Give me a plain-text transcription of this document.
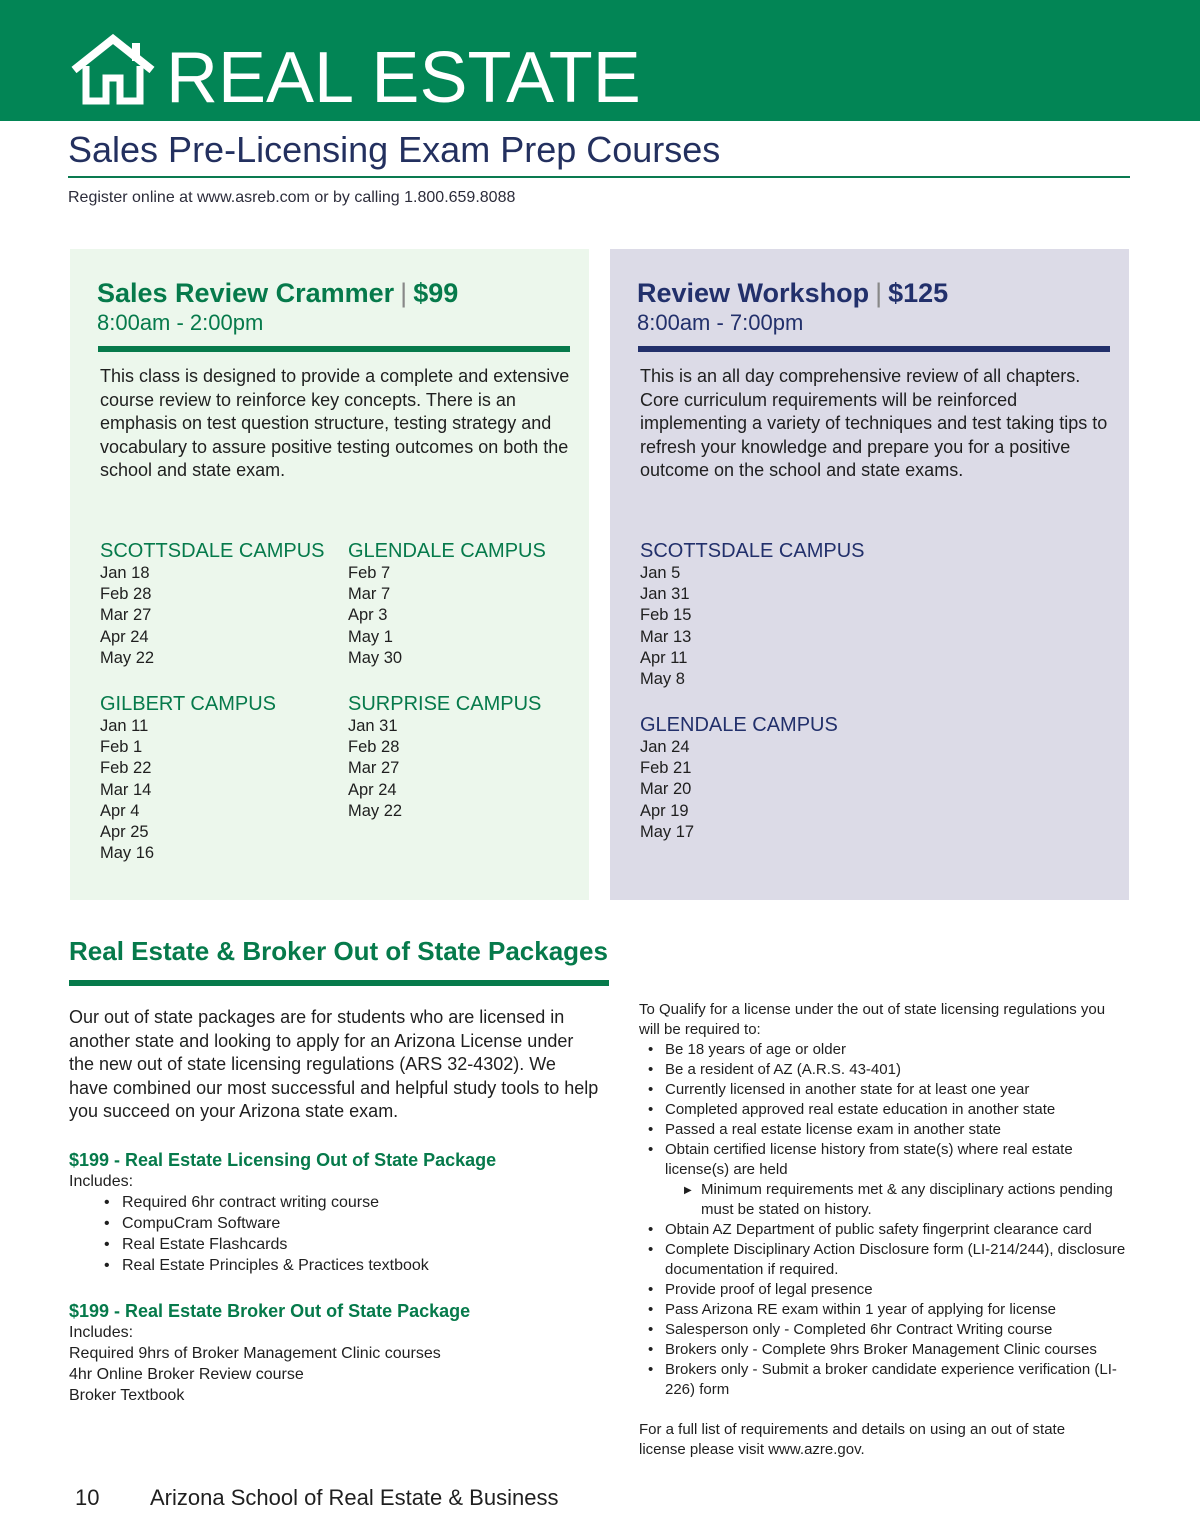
REAL ESTATE
Sales Pre-Licensing Exam Prep Courses
Register online at www.asreb.com or by calling 1.800.659.8088
Sales Review Crammer | $99
8:00am - 2:00pm
This class is designed to provide a complete and extensive course review to reinforce key concepts. There is an emphasis on test question structure, testing strategy and vocabulary to assure positive testing outcomes on both the school and state exam.
SCOTTSDALE CAMPUS
Jan 18
Feb 28
Mar 27
Apr 24
May 22
GLENDALE CAMPUS
Feb 7
Mar 7
Apr 3
May 1
May 30
GILBERT CAMPUS
Jan 11
Feb 1
Feb 22
Mar 14
Apr 4
Apr 25
May 16
SURPRISE CAMPUS
Jan 31
Feb 28
Mar 27
Apr 24
May 22
Review Workshop | $125
8:00am - 7:00pm
This is an all day comprehensive review of all chapters. Core curriculum requirements will be reinforced implementing a variety of techniques and test taking tips to refresh your knowledge and prepare you for a positive outcome on the school and state exams.
SCOTTSDALE CAMPUS
Jan 5
Jan 31
Feb 15
Mar 13
Apr 11
May 8
GLENDALE CAMPUS
Jan 24
Feb 21
Mar 20
Apr 19
May 17
Real Estate & Broker Out of State Packages
Our out of state packages are for students who are licensed in another state and looking to apply for an Arizona License under the new out of state licensing regulations (ARS 32-4302). We have combined our most successful and helpful study tools to help you succeed on your Arizona state exam.
$199 - Real Estate Licensing Out of State Package
Includes:
• Required 6hr contract writing course
• CompuCram Software
• Real Estate Flashcards
• Real Estate Principles & Practices textbook
$199 - Real Estate Broker Out of State Package
Includes:
Required 9hrs of Broker Management Clinic courses
4hr Online Broker Review course
Broker Textbook
To Qualify for a license under the out of state licensing regulations you will be required to:
• Be 18 years of age or older
• Be a resident of AZ (A.R.S. 43-401)
• Currently licensed in another state for at least one year
• Completed approved real estate education in another state
• Passed a real estate license exam in another state
• Obtain certified license history from state(s) where real estate license(s) are held
▶ Minimum requirements met & any disciplinary actions pending must be stated on history.
• Obtain AZ Department of public safety fingerprint clearance card
• Complete Disciplinary Action Disclosure form (LI-214/244), disclosure documentation if required.
• Provide proof of legal presence
• Pass Arizona RE exam within 1 year of applying for license
• Salesperson only - Completed 6hr Contract Writing course
• Brokers only - Complete 9hrs Broker Management Clinic courses
• Brokers only - Submit a broker candidate experience verification (LI-226) form
For a full list of requirements and details on using an out of state license please visit www.azre.gov.
10 Arizona School of Real Estate & Business
